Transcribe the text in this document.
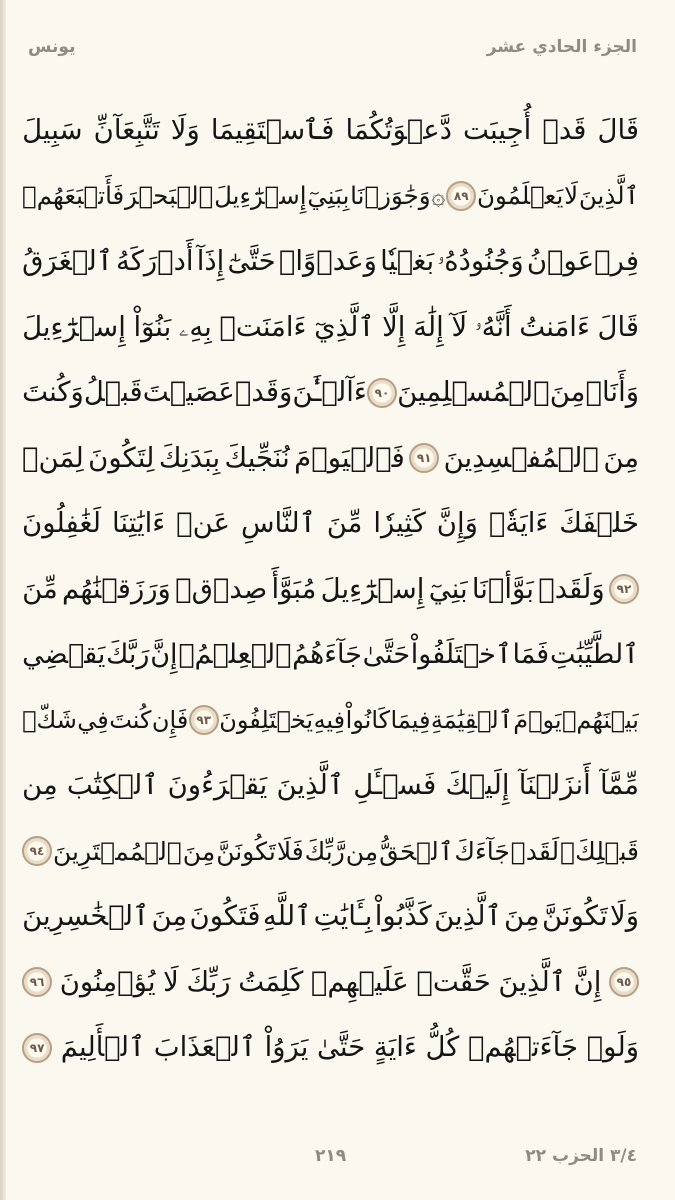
يونس	الجزء الحادي عشر
قَالَ
قَدۡ
أُجِيبَت
دَّعۡوَتُكُمَا
فَٱسۡتَقِيمَا
وَلَا
تَتَّبِعَآنِّ
سَبِيلَ
ٱلَّذِينَ
لَا
يَعۡلَمُونَ
٨٩
۞
وَجَٰوَزۡنَا
بِبَنِيٓ
إِسۡرَٰٓءِيلَ
ٱلۡبَحۡرَ
فَأَتۡبَعَهُمۡ
فِرۡعَوۡنُ
وَجُنُودُهُۥ
بَغۡيٗا
وَعَدۡوًاۖ
حَتَّىٰٓ
إِذَآ
أَدۡرَكَهُ
ٱلۡغَرَقُ
قَالَ
ءَامَنتُ
أَنَّهُۥ
لَآ
إِلَٰهَ
إِلَّا
ٱلَّذِيٓ
ءَامَنَتۡ
بِهِۦ
بَنُوٓاْ
إِسۡرَٰٓءِيلَ
وَأَنَا۠
مِنَ
ٱلۡمُسۡلِمِينَ
٩٠
ءَآلۡـَٰٔنَ
وَقَدۡ
عَصَيۡتَ
قَبۡلُ
وَكُنتَ
مِنَ
ٱلۡمُفۡسِدِينَ
٩١
فَٱلۡيَوۡمَ
نُنَجِّيكَ
بِبَدَنِكَ
لِتَكُونَ
لِمَنۡ
خَلۡفَكَ
ءَايَةٗۚ
وَإِنَّ
كَثِيرٗا
مِّنَ
ٱلنَّاسِ
عَنۡ
ءَايَٰتِنَا
لَغَٰفِلُونَ
٩٢
وَلَقَدۡ
بَوَّأۡنَا
بَنِيٓ
إِسۡرَٰٓءِيلَ
مُبَوَّأَ
صِدۡقٖ
وَرَزَقۡنَٰهُم
مِّنَ
ٱلطَّيِّبَٰتِ
فَمَا
ٱخۡتَلَفُواْ
حَتَّىٰ
جَآءَهُمُ
ٱلۡعِلۡمُۚ
إِنَّ
رَبَّكَ
يَقۡضِي
بَيۡنَهُمۡ
يَوۡمَ
ٱلۡقِيَٰمَةِ
فِيمَا
كَانُواْ
فِيهِ
يَخۡتَلِفُونَ
٩٣
فَإِن
كُنتَ
فِي
شَكّٖ
مِّمَّآ
أَنزَلۡنَآ
إِلَيۡكَ
فَسۡـَٔلِ
ٱلَّذِينَ
يَقۡرَءُونَ
ٱلۡكِتَٰبَ
مِن
قَبۡلِكَۚ
لَقَدۡ
جَآءَكَ
ٱلۡحَقُّ
مِن
رَّبِّكَ
فَلَا
تَكُونَنَّ
مِنَ
ٱلۡمُمۡتَرِينَ
٩٤
وَلَا
تَكُونَنَّ
مِنَ
ٱلَّذِينَ
كَذَّبُواْ
بِـَٔايَٰتِ
ٱللَّهِ
فَتَكُونَ
مِنَ
ٱلۡخَٰسِرِينَ
٩٥
إِنَّ
ٱلَّذِينَ
حَقَّتۡ
عَلَيۡهِمۡ
كَلِمَتُ
رَبِّكَ
لَا
يُؤۡمِنُونَ
٩٦
وَلَوۡ
جَآءَتۡهُمۡ
كُلُّ
ءَايَةٍ
حَتَّىٰ
يَرَوُاْ
ٱلۡعَذَابَ
ٱلۡأَلِيمَ
٩٧
٢١٩	٣/٤ الحزب ٢٢
